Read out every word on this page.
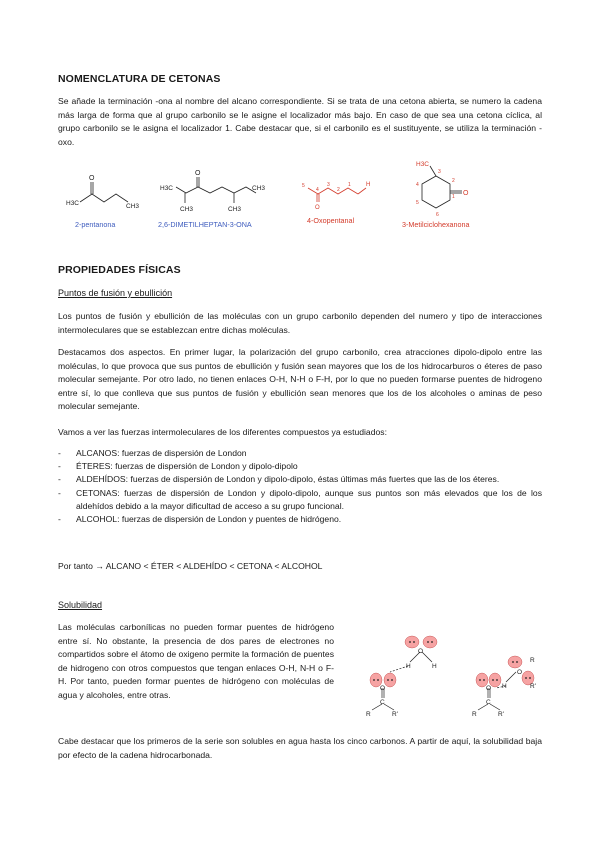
NOMENCLATURA DE CETONAS
Se añade la terminación -ona al nombre del alcano correspondiente. Si se trata de una cetona abierta, se numero la cadena más larga de forma que al grupo carbonilo se le asigne el localizador más bajo. En caso de que sea una cetona cíclica, al grupo carbonilo se le asigna el localizador 1. Cabe destacar que, si el carbonilo es el sustituyente, se utiliza la terminación -oxo.
O
H3C	CH3
2-pentanona
O
H3C	CH3
CH3	CH3
2,6-DIMETILHEPTAN-3-ONA
O
H
5
4
3
2
1
4-Oxopentanal
H3C
O
1
2
3
4
5
6
3-Metilciclohexanona
PROPIEDADES FÍSICAS
Puntos de fusión y ebullición
Los puntos de fusión y ebullición de las moléculas con un grupo carbonilo dependen del numero y tipo de interacciones intermoleculares que se establezcan entre dichas moléculas.
Destacamos dos aspectos. En primer lugar, la polarización del grupo carbonilo, crea atracciones dipolo-dipolo entre las moléculas, lo que provoca que sus puntos de ebullición y fusión sean mayores que los de los hidrocarburos o éteres de paso molecular semejante. Por otro lado, no tienen enlaces O-H, N-H o F-H, por lo que no pueden formarse puentes de hidrogeno entre sí, lo que conlleva que sus puntos de fusión y ebullición sean menores que los de los alcoholes o aminas de peso molecular semejante.
Vamos a ver las fuerzas intermoleculares de los diferentes compuestos ya estudiados:
- ALCANOS: fuerzas de dispersión de London
- ÉTERES: fuerzas de dispersión de London y dipolo-dipolo
- ALDEHÍDOS: fuerzas de dispersión de London y dipolo-dipolo, éstas últimas más fuertes que las de los éteres.
- CETONAS: fuerzas de dispersión de London y dipolo-dipolo, aunque sus puntos son más elevados que los de los aldehídos debido a la mayor dificultad de acceso a su grupo funcional.
- ALCOHOL: fuerzas de dispersión de London y puentes de hidrógeno.
Por tanto → ALCANO < ÉTER < ALDEHÍDO < CETONA < ALCOHOL
Solubilidad
Las moléculas carbonílicas no pueden formar puentes de hidrógeno entre sí. No obstante, la presencia de dos pares de electrones no compartidos sobre el átomo de oxigeno permite la formación de puentes de hidrogeno con otros compuestos que tengan enlaces O-H, N-H o F-H. Por tanto, pueden formar puentes de hidrógeno con moléculas de agua y alcoholes, entre otras.
O
H	H
O
H
R
R'
C
O
C
R	R'	R	R'
O
Cabe destacar que los primeros de la serie son solubles en agua hasta los cinco carbonos. A partir de aquí, la solubilidad baja por efecto de la cadena hidrocarbonada.
